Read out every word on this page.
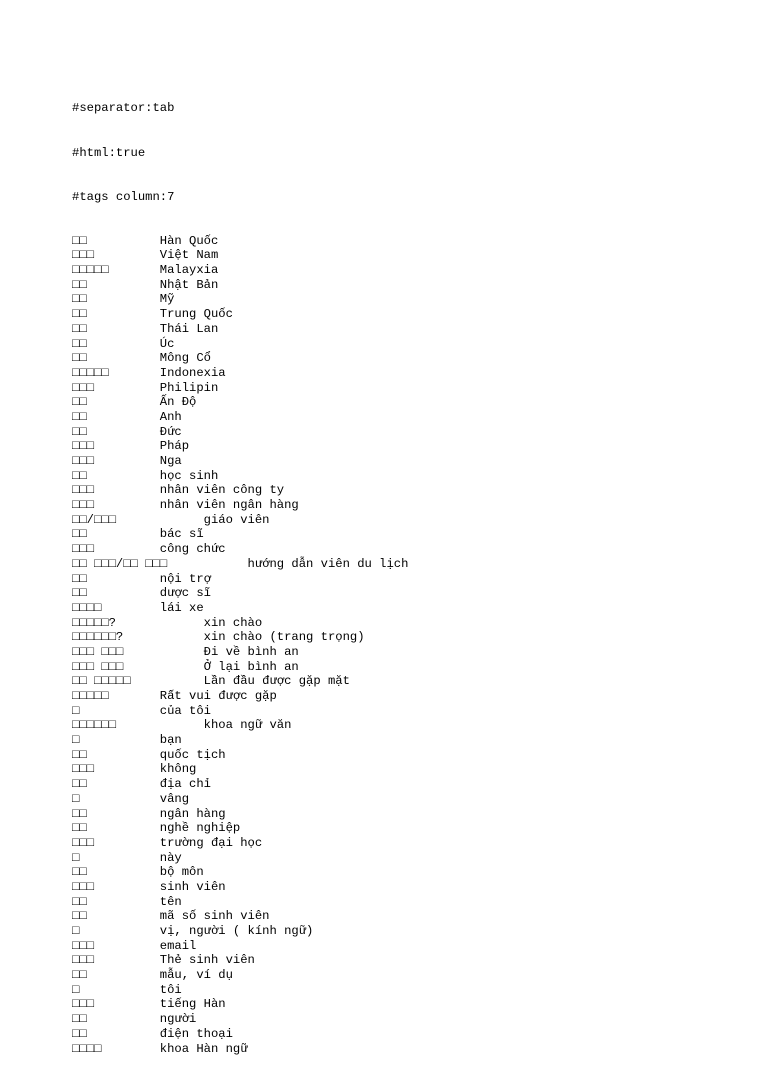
#separator:tab

#html:true

#tags column:7

□□          Hàn Quốc
□□□         Việt Nam
□□□□□       Malayxia
□□          Nhật Bản
□□          Mỹ
□□          Trung Quốc
□□          Thái Lan
□□          Úc
□□          Mông Cổ
□□□□□       Indonexia
□□□         Philipin
□□          Ấn Độ
□□          Anh
□□          Đức
□□□         Pháp
□□□         Nga
□□          học sinh
□□□         nhân viên công ty
□□□         nhân viên ngân hàng
□□/□□□            giáo viên
□□          bác sĩ
□□□         công chức
□□ □□□/□□ □□□           hướng dẫn viên du lịch
□□          nội trợ
□□          dược sĩ
□□□□        lái xe
□□□□□?            xin chào
□□□□□□?           xin chào (trang trọng)
□□□ □□□           Đi về bình an
□□□ □□□           Ở lại bình an
□□ □□□□□          Lần đầu được gặp mặt
□□□□□       Rất vui được gặp
□           của tôi
□□□□□□            khoa ngữ văn
□           bạn
□□          quốc tịch
□□□         không
□□          địa chỉ
□           vâng
□□          ngân hàng
□□          nghề nghiệp
□□□         trường đại học
□           này
□□          bộ môn
□□□         sinh viên
□□          tên
□□          mã số sinh viên
□           vị, người ( kính ngữ)
□□□         email
□□□         Thẻ sinh viên
□□          mẫu, ví dụ
□           tôi
□□□         tiếng Hàn
□□          người
□□          điện thoại
□□□□        khoa Hàn ngữ
